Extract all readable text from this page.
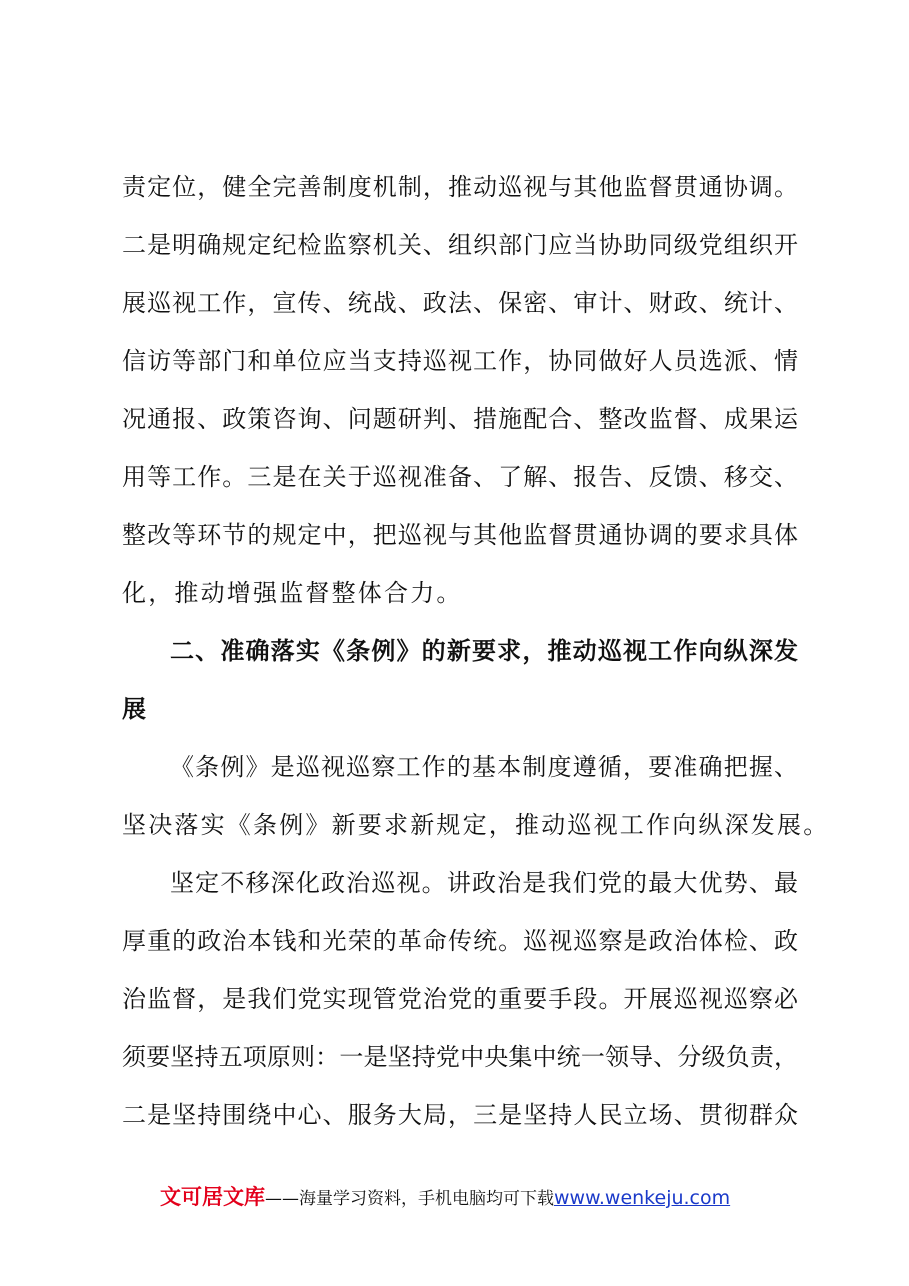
责定位，健全完善制度机制，推动巡视与其他监督贯通协调。
二是明确规定纪检监察机关、组织部门应当协助同级党组织开
展巡视工作，宣传、统战、政法、保密、审计、财政、统计、
信访等部门和单位应当支持巡视工作，协同做好人员选派、情
况通报、政策咨询、问题研判、措施配合、整改监督、成果运
用等工作。三是在关于巡视准备、了解、报告、反馈、移交、
整改等环节的规定中，把巡视与其他监督贯通协调的要求具体
化，推动增强监督整体合力。
二、准确落实《条例》的新要求，推动巡视工作向纵深发
展
《条例》是巡视巡察工作的基本制度遵循，要准确把握、
坚决落实《条例》新要求新规定，推动巡视工作向纵深发展。
坚定不移深化政治巡视。讲政治是我们党的最大优势、最
厚重的政治本钱和光荣的革命传统。巡视巡察是政治体检、政
治监督，是我们党实现管党治党的重要手段。开展巡视巡察必
须要坚持五项原则：一是坚持党中央集中统一领导、分级负责，
二是坚持围绕中心、服务大局，三是坚持人民立场、贯彻群众
文可居文库——海量学习资料，手机电脑均可下载www.wenkeju.com
